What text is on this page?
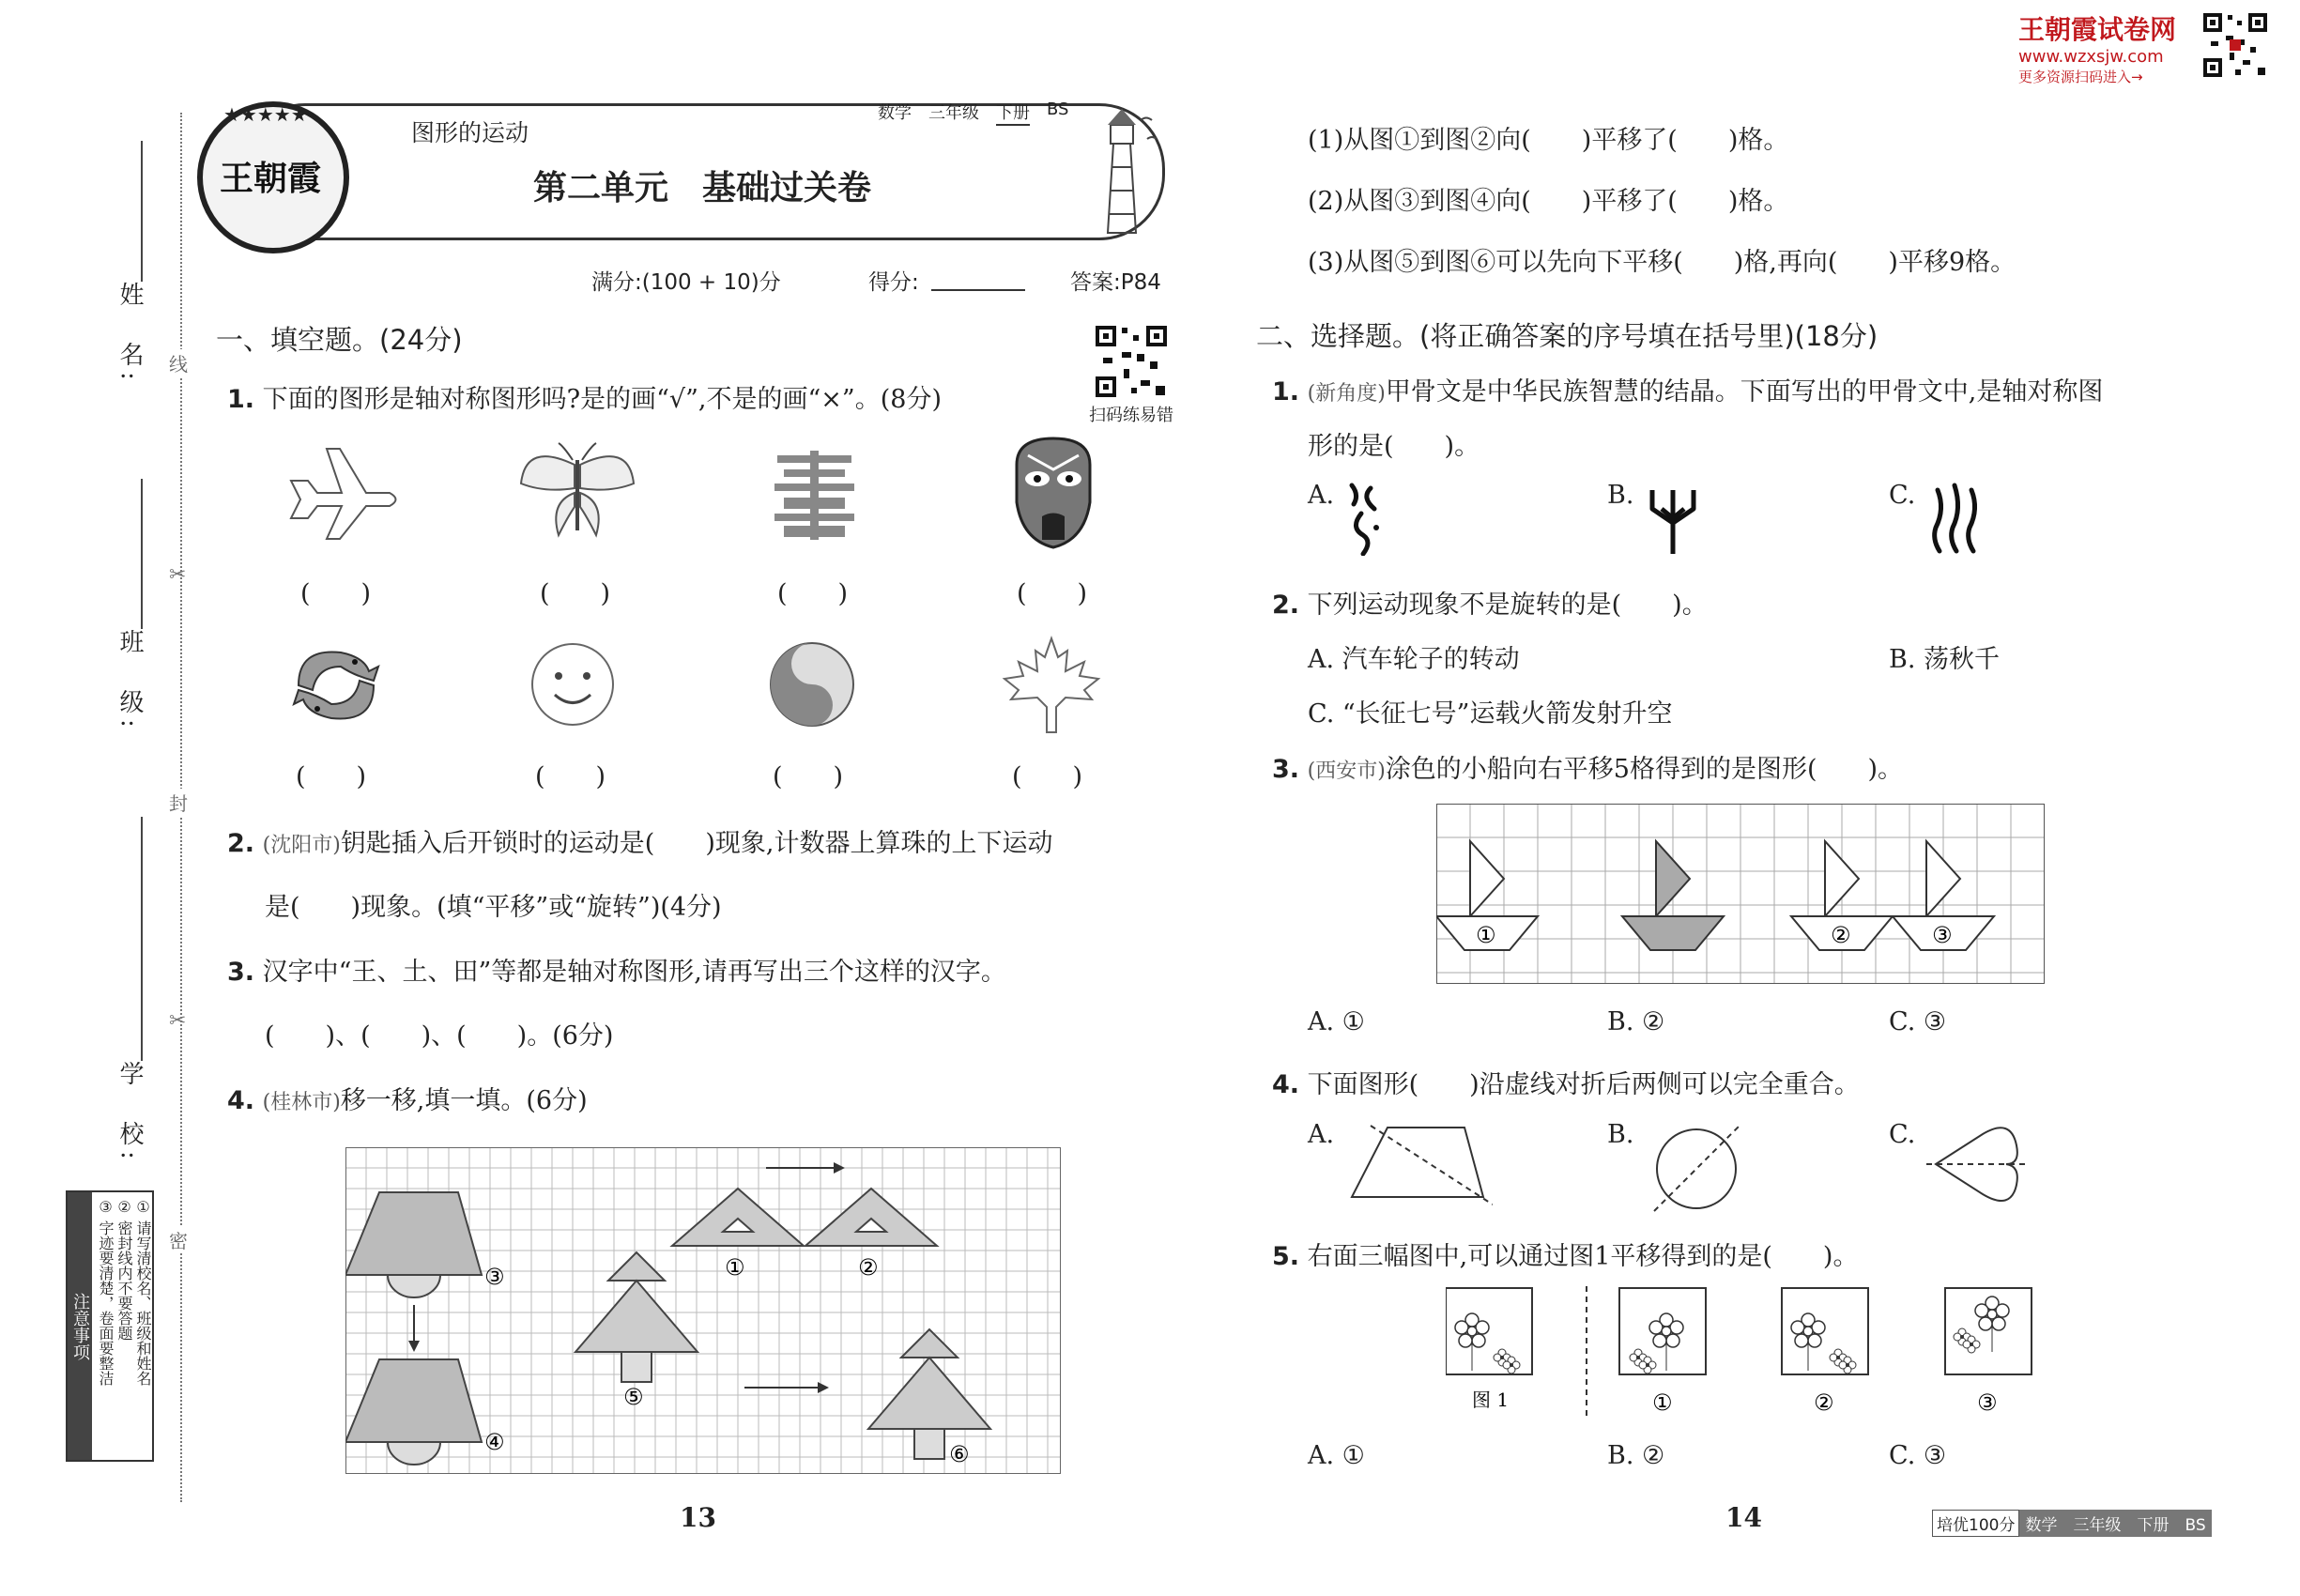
王朝霞试卷网
www.wzxsjw.com
更多资源扫码进入→
姓　名:
班　级:
学　校:
线
封
密
✂
✂
注意事项	① 请写清校名、班级和姓名
② 密封线内不要答题
③ 字迹要清楚，卷面要整洁
★★★★★
王朝霞
图形的运动
数学 三年级 下册 BS
第二单元　基础过关卷
满分:(100 + 10)分	得分:	答案:P84
一、填空题。(24分)
扫码练易错
1. 下面的图形是轴对称图形吗?是的画“√”,不是的画“×”。(8分)
(　　)	(　　)	(　　)	(　　)
(　　)	(　　)	(　　)	(　　)
2. (沈阳市)钥匙插入后开锁时的运动是(　　)现象,计数器上算珠的上下运动
是(　　)现象。(填“平移”或“旋转”)(4分)
3. 汉字中“王、土、田”等都是轴对称图形,请再写出三个这样的汉字。
(　　)、(　　)、(　　)。(6分)
4. (桂林市)移一移,填一填。(6分)
①	②
③
④
⑤
⑥
(1)从图①到图②向(　　)平移了(　　)格。
(2)从图③到图④向(　　)平移了(　　)格。
(3)从图⑤到图⑥可以先向下平移(　　)格,再向(　　)平移9格。
二、选择题。(将正确答案的序号填在括号里)(18分)
1. (新角度)甲骨文是中华民族智慧的结晶。下面写出的甲骨文中,是轴对称图
形的是(　　)。
A.	B.	C.
2. 下列运动现象不是旋转的是(　　)。
A. 汽车轮子的转动	B. 荡秋千
C. “长征七号”运载火箭发射升空
3. (西安市)涂色的小船向右平移5格得到的是图形(　　)。
①	②	③
A. ①	B. ②	C. ③
4. 下面图形(　　)沿虚线对折后两侧可以完全重合。
A.	B.	C.
5. 右面三幅图中,可以通过图1平移得到的是(　　)。
图 1	①	②	③
A. ①	B. ②	C. ③
13	14	培优100分 数学　三年级　下册　BS
